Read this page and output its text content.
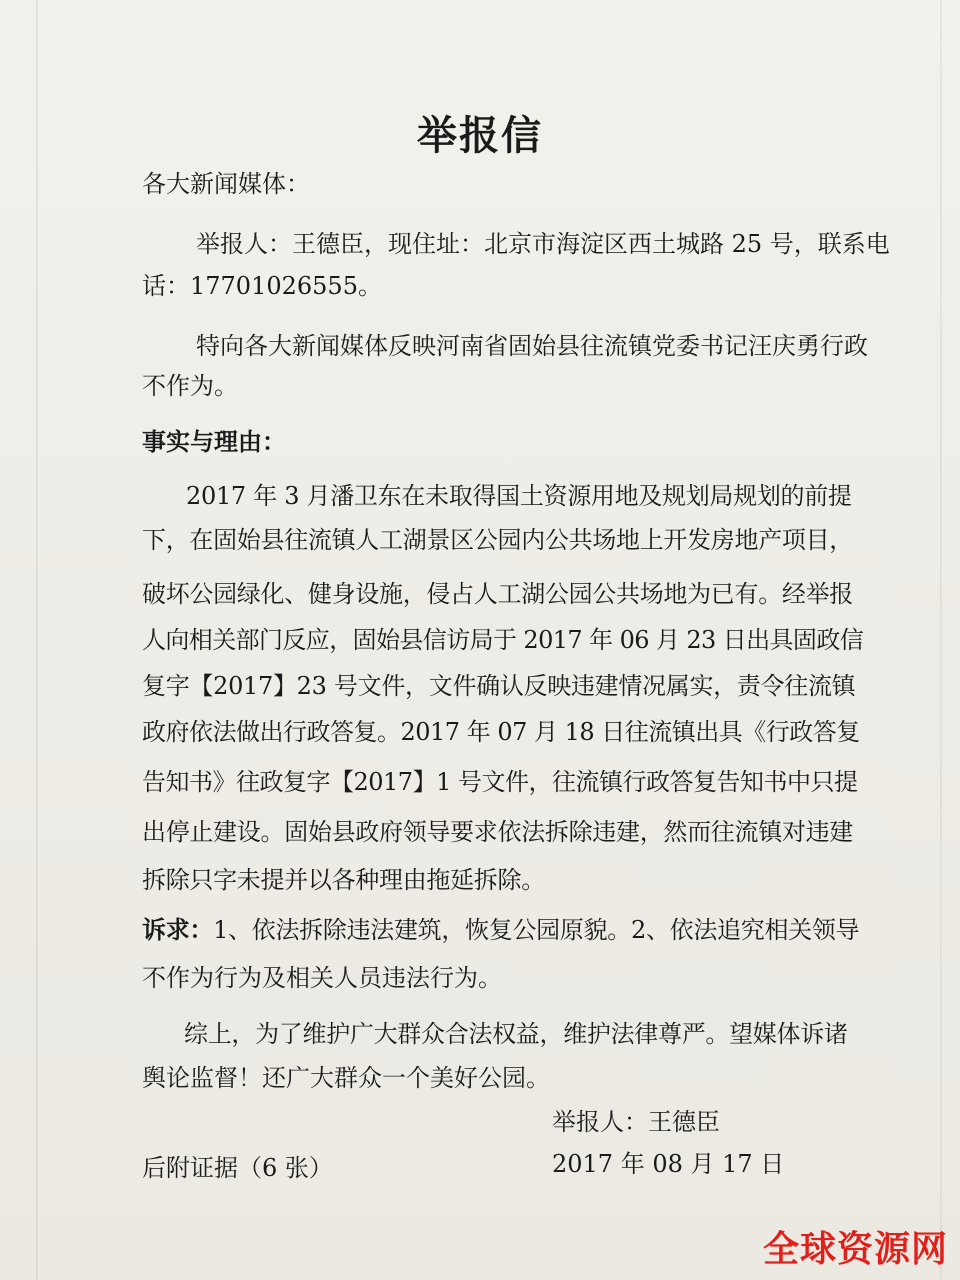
举报信
各大新闻媒体：
举报人：王德臣，现住址：北京市海淀区西土城路 25 号，联系电
话：17701026555。
特向各大新闻媒体反映河南省固始县往流镇党委书记汪庆勇行政
不作为。
事实与理由：
2017 年 3 月潘卫东在未取得国土资源用地及规划局规划的前提
下，在固始县往流镇人工湖景区公园内公共场地上开发房地产项目，
破坏公园绿化、健身设施，侵占人工湖公园公共场地为已有。经举报
人向相关部门反应，固始县信访局于 2017 年 06 月 23 日出具固政信
复字【2017】23 号文件，文件确认反映违建情况属实，责令往流镇
政府依法做出行政答复。2017 年 07 月 18 日往流镇出具《行政答复
告知书》往政复字【2017】1 号文件，往流镇行政答复告知书中只提
出停止建设。固始县政府领导要求依法拆除违建，然而往流镇对违建
拆除只字未提并以各种理由拖延拆除。
诉求：1、依法拆除违法建筑，恢复公园原貌。2、依法追究相关领导
不作为行为及相关人员违法行为。
综上，为了维护广大群众合法权益，维护法律尊严。望媒体诉诸
舆论监督！还广大群众一个美好公园。
举报人：王德臣
后附证据（6 张）	2017 年 08 月 17 日
全球资源网
